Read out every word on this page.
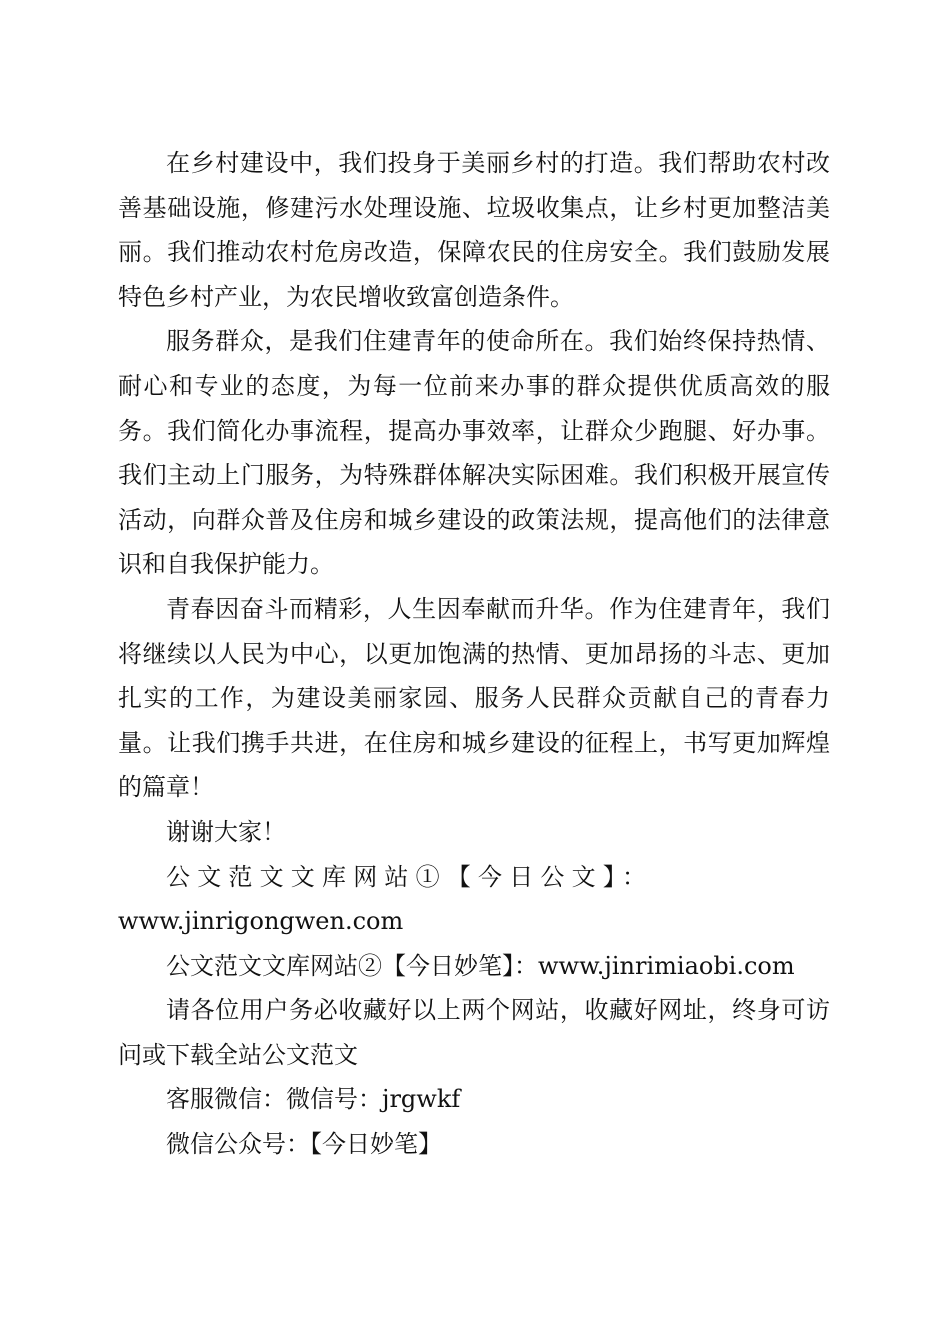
在乡村建设中，我们投身于美丽乡村的打造。我们帮助农村改善基础设施，修建污水处理设施、垃圾收集点，让乡村更加整洁美丽。我们推动农村危房改造，保障农民的住房安全。我们鼓励发展特色乡村产业，为农民增收致富创造条件。

服务群众，是我们住建青年的使命所在。我们始终保持热情、耐心和专业的态度，为每一位前来办事的群众提供优质高效的服务。我们简化办事流程，提高办事效率，让群众少跑腿、好办事。我们主动上门服务，为特殊群体解决实际困难。我们积极开展宣传活动，向群众普及住房和城乡建设的政策法规，提高他们的法律意识和自我保护能力。

青春因奋斗而精彩，人生因奉献而升华。作为住建青年，我们将继续以人民为中心，以更加饱满的热情、更加昂扬的斗志、更加扎实的工作，为建设美丽家园、服务人民群众贡献自己的青春力量。让我们携手共进，在住房和城乡建设的征程上，书写更加辉煌的篇章！

谢谢大家！

公文范文文库网站①【今日公文】：
www.jinrigongwen.com

公文范文文库网站②【今日妙笔】：www.jinrimiaobi.com

请各位用户务必收藏好以上两个网站，收藏好网址，终身可访问或下载全站公文范文

客服微信：微信号：jrgwkf

微信公众号：【今日妙笔】
